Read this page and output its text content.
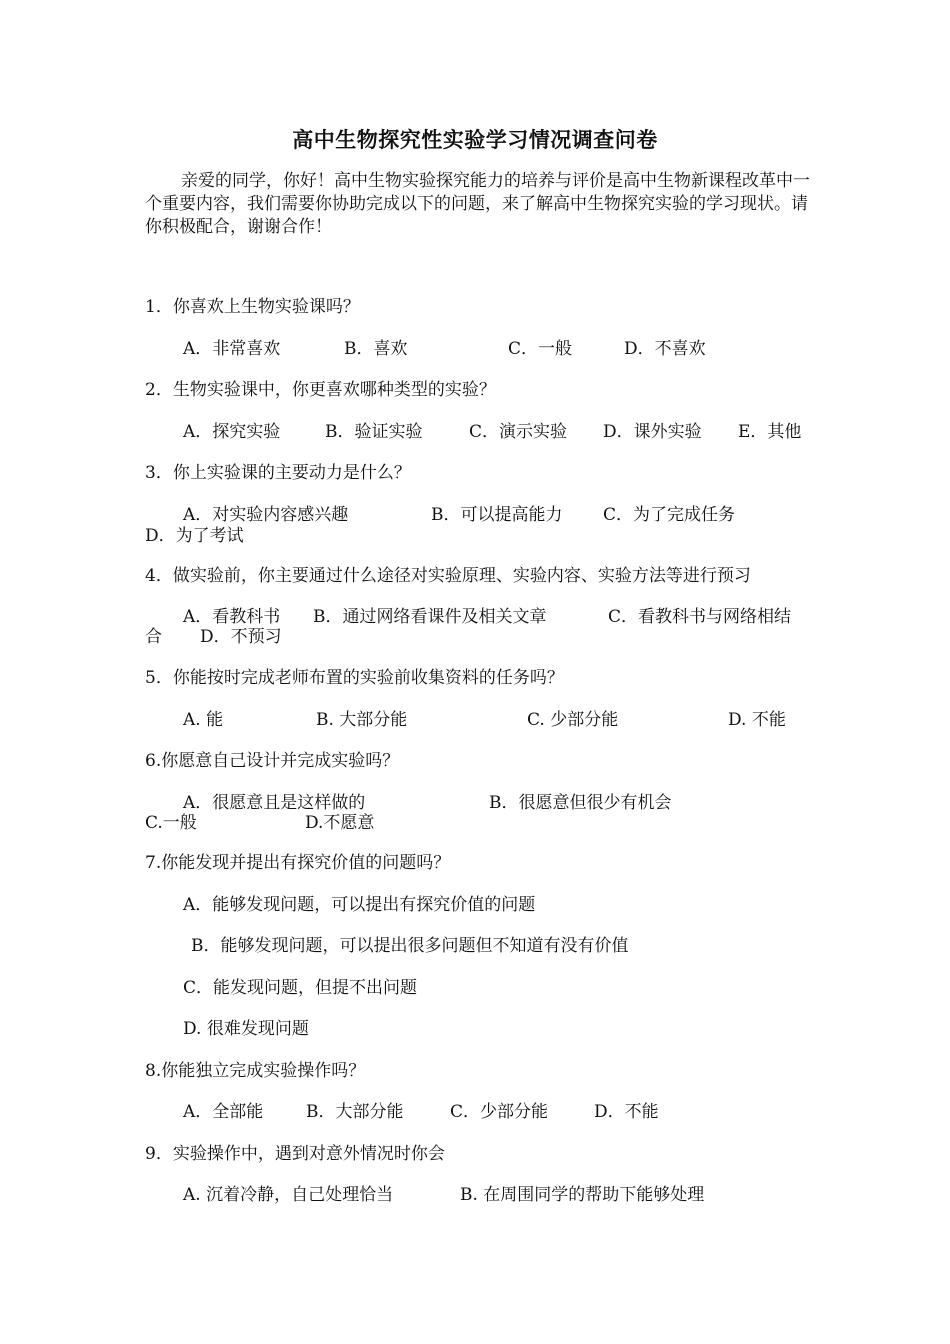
高中生物探究性实验学习情况调查问卷
亲爱的同学，你好！高中生物实验探究能力的培养与评价是高中生物新课程改革中一个重要内容，我们需要你协助完成以下的问题，来了解高中生物探究实验的学习现状。请你积极配合，谢谢合作！
1．你喜欢上生物实验课吗？
A．非常喜欢	B．喜欢	C．一般	D．不喜欢
2．生物实验课中，你更喜欢哪种类型的实验？
A．探究实验	B．验证实验	C．演示实验 D．课外实验 E．其他
3．你上实验课的主要动力是什么？
A．对实验内容感兴趣	B．可以提高能力 C．为了完成任务
D．为了考试
4．做实验前，你主要通过什么途径对实验原理、实验内容、实验方法等进行预习
A．看教科书 B．通过网络看课件及相关文章	C．看教科书与网络相结
合 D．不预习
5．你能按时完成老师布置的实验前收集资料的任务吗？
A. 能	B. 大部分能	C. 少部分能	D. 不能
6.你愿意自己设计并完成实验吗？
A．很愿意且是这样做的	B．很愿意但很少有机会
C.一般	D.不愿意
7.你能发现并提出有探究价值的问题吗？
A．能够发现问题，可以提出有探究价值的问题
B．能够发现问题，可以提出很多问题但不知道有没有价值
C．能发现问题，但提不出问题
D. 很难发现问题
8.你能独立完成实验操作吗？
A．全部能	B．大部分能	C．少部分能	D．不能
9．实验操作中，遇到对意外情况时你会
A. 沉着冷静，自己处理恰当	B. 在周围同学的帮助下能够处理
